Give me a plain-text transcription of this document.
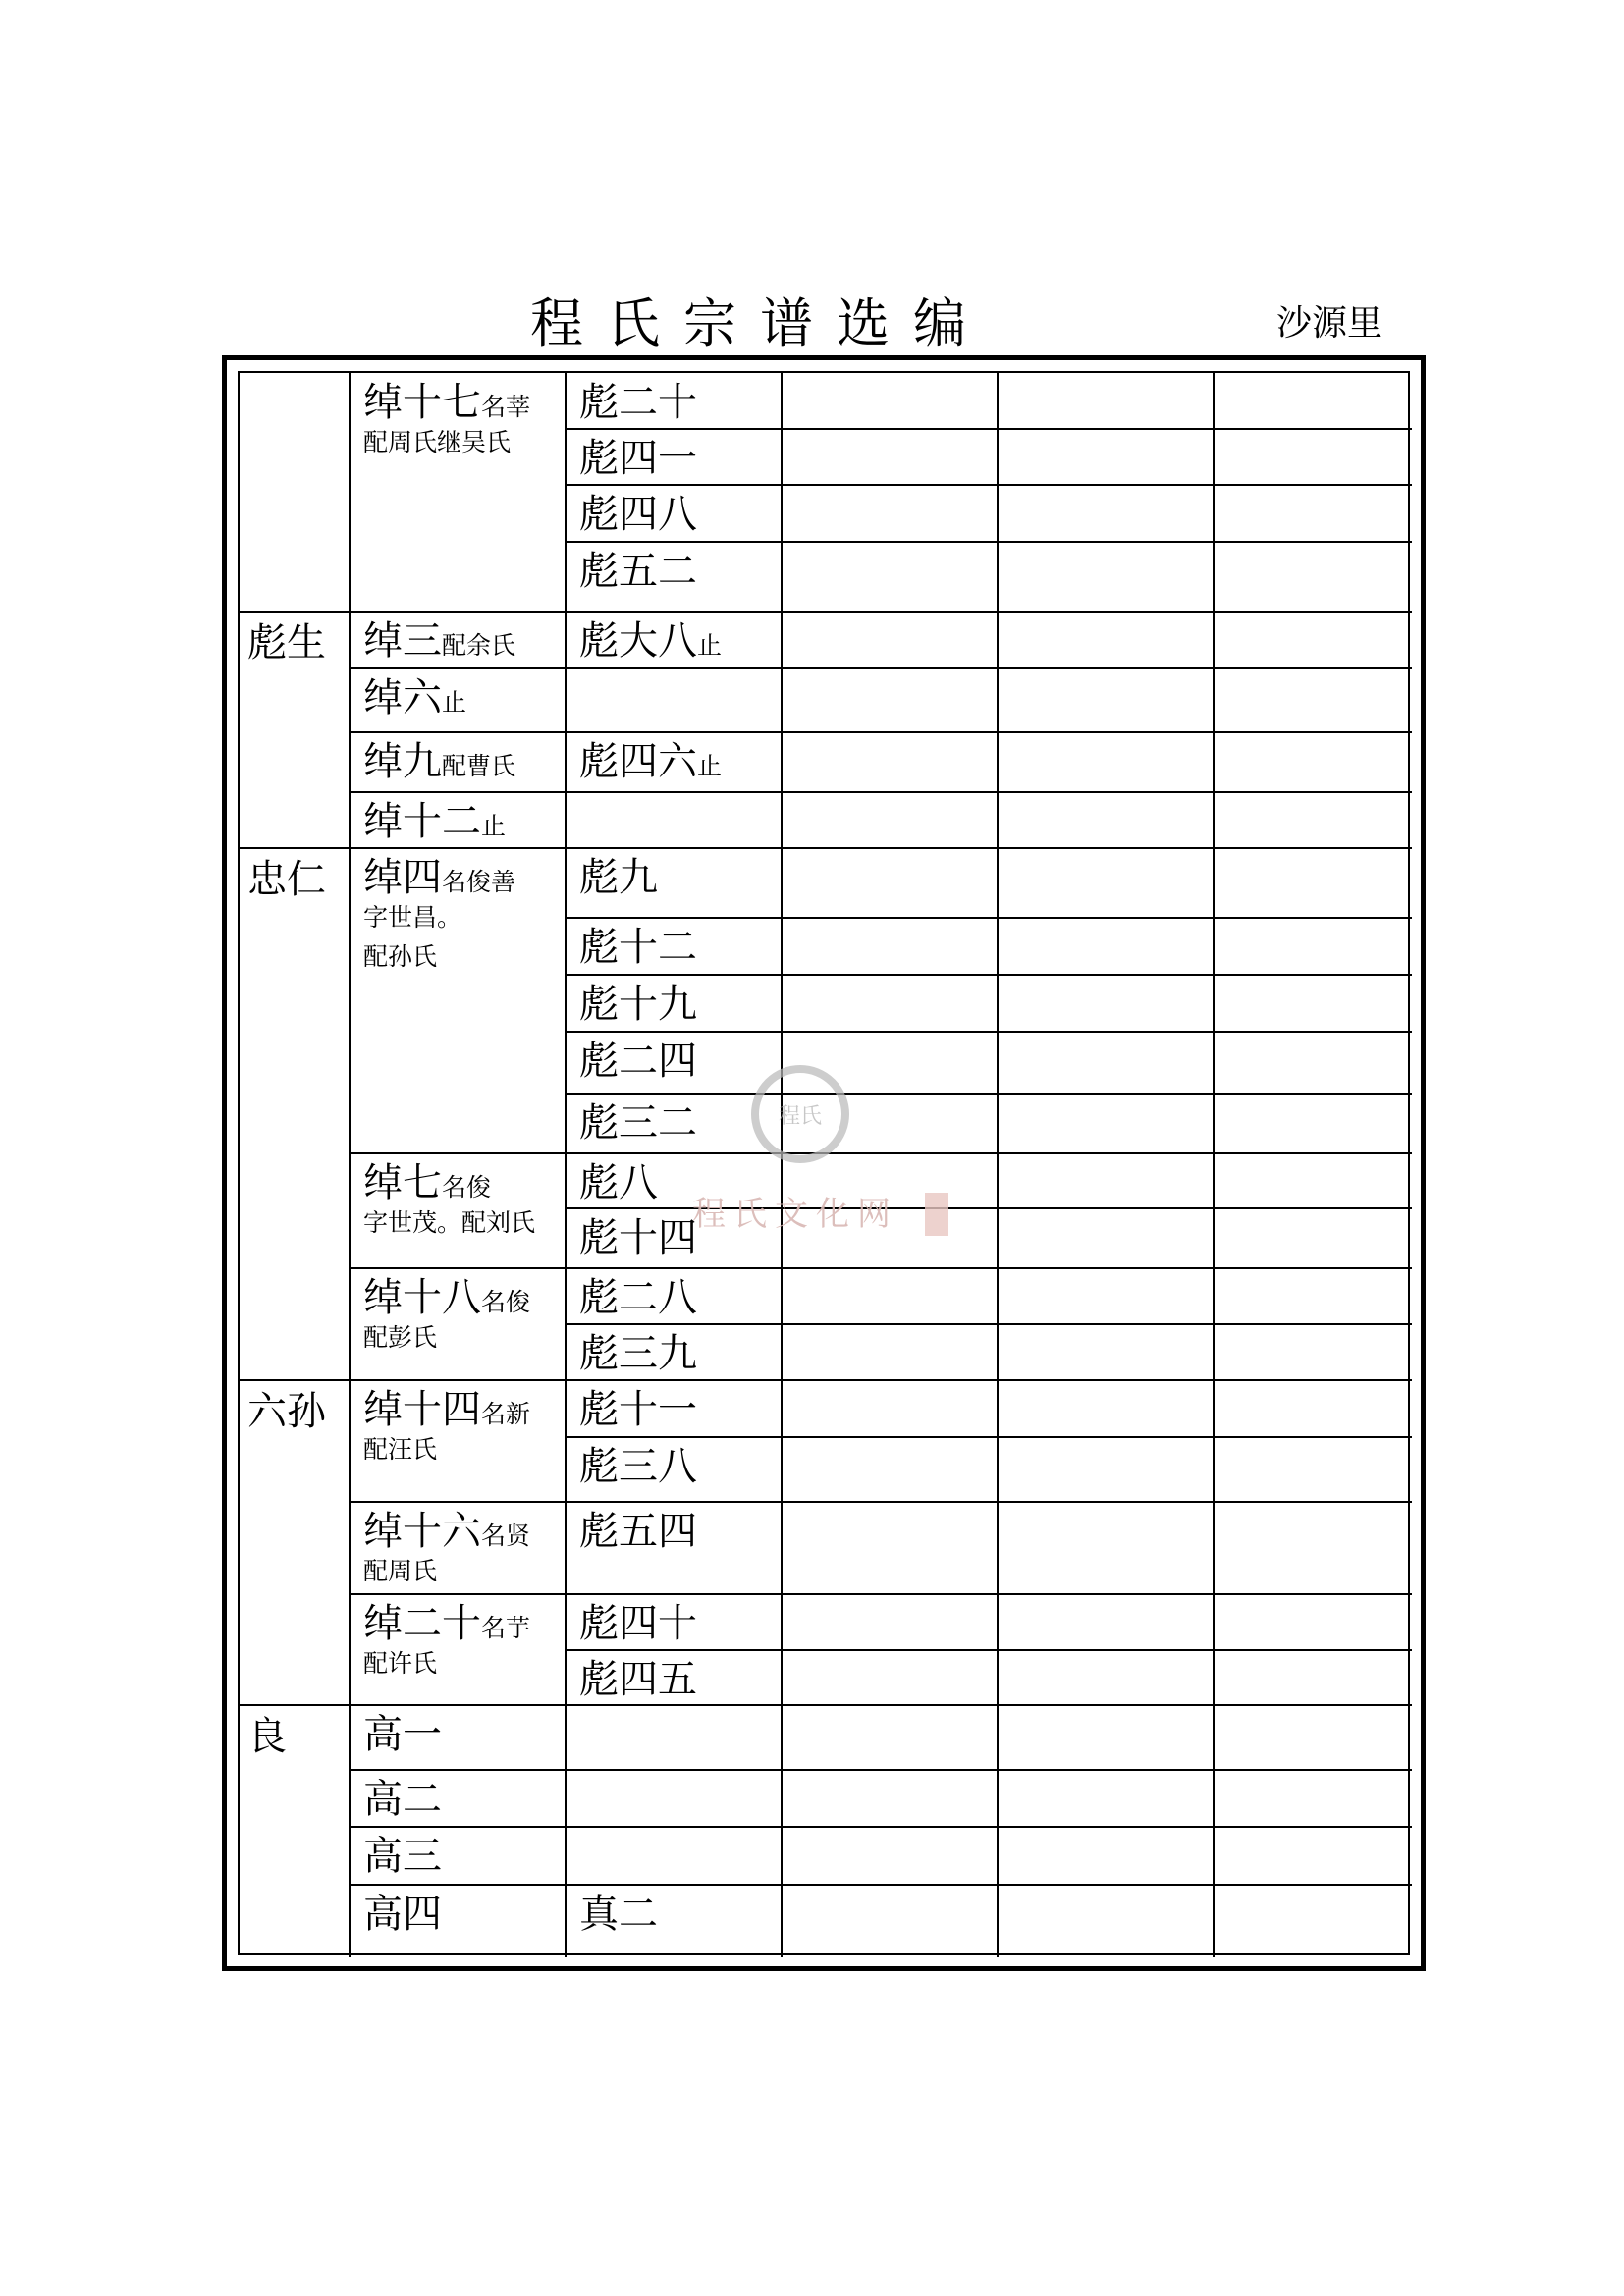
程氏宗谱选编	沙源里
绰十七名莘
配周氏继吴氏
彪二十
彪四一
彪四八
彪五二
彪生 绰三配余氏 彪大八止
绰六止
绰九配曹氏 彪四六止
绰十二止
忠仁 绰四名俊善
字世昌。
配孙氏
彪九
彪十二
彪十九
彪二四
彪三二
绰七名俊
字世茂。配刘氏
彪八
彪十四
绰十八名俊
配彭氏
彪二八
彪三九
六孙 绰十四名新
配汪氏
彪十一
彪三八
绰十六名贤
配周氏
彪五四
绰二十名芋
配许氏
彪四十
彪四五
良 高一
高二
高三
高四	真二
程氏
程氏文化网
